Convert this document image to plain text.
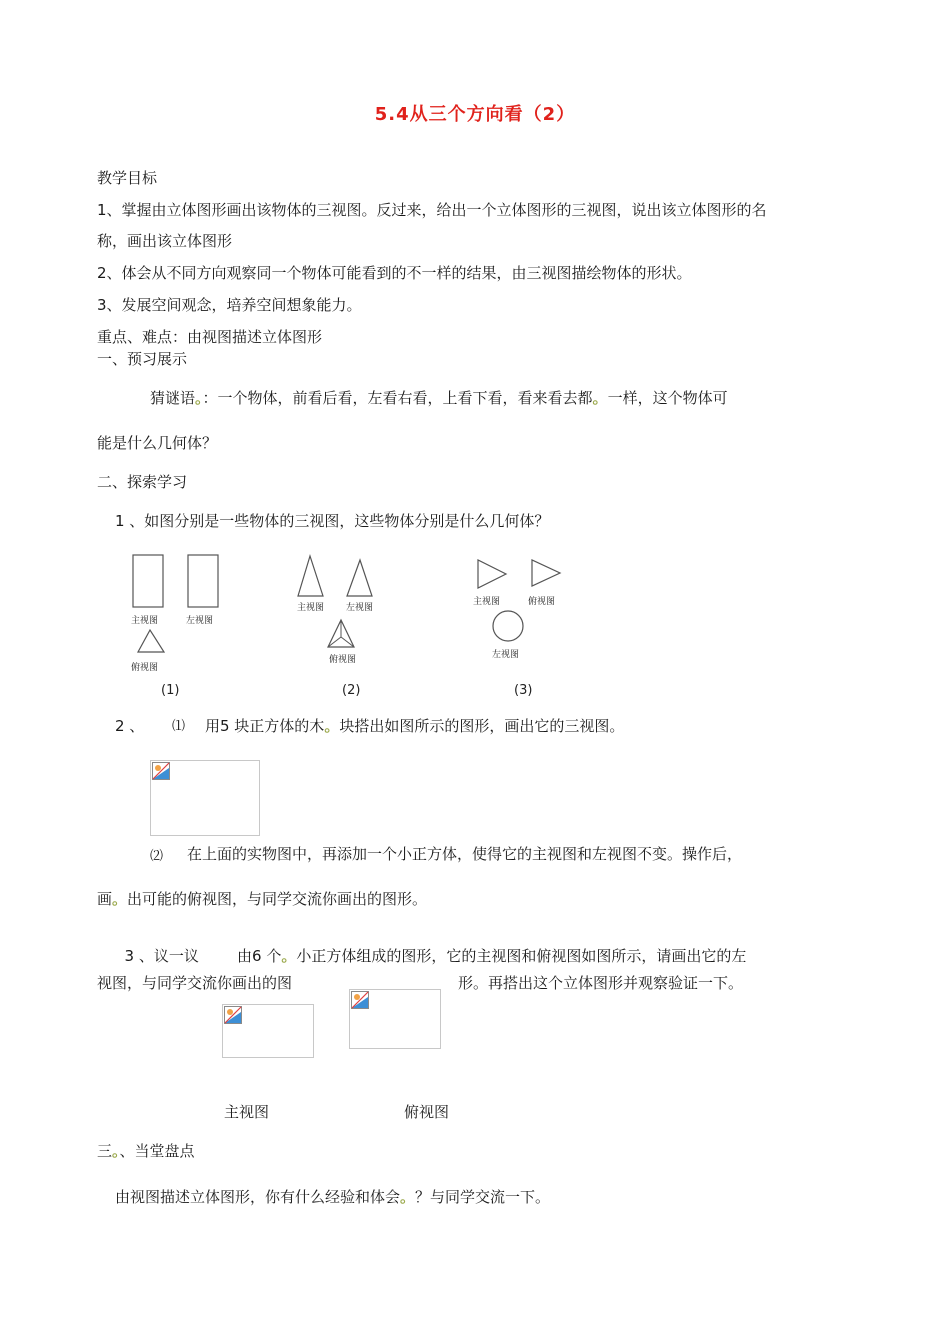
5.4从三个方向看（2）
教学目标
1、掌握由立体图形画出该物体的三视图。反过来，给出一个立体图形的三视图，说出该立体图形的名
称，画出该立体图形
2、体会从不同方向观察同一个物体可能看到的不一样的结果，由三视图描绘物体的形状。
3、发展空间观念，培养空间想象能力。
重点、难点：由视图描述立体图形
一、预习展示
猜谜语。：一个物体，前看后看，左看右看，上看下看，看来看去都。一样，这个物体可
能是什么几何体？
二、探索学习
1 、如图分别是一些物体的三视图，这些物体分别是什么几何体？
主视图	左视图
俯视图
(1)
主视图 左视图
俯视图
(2)
主视图	俯视图
左视图
(3)
2 、 ⑴ 用5 块正方体的木。块搭出如图所示的图形，画出它的三视图。
⑵ 在上面的实物图中，再添加一个小正方体，使得它的主视图和左视图不变。操作后，
画。出可能的俯视图，与同学交流你画出的图形。

3 、议一议        由6 个。小正方体组成的图形，它的主视图和俯视图如图所示，请画出它的左

视图，与同学交流你画出的图	形。再搭出这个立体图形并观察验证一下。
主视图	俯视图
三。、当堂盘点
由视图描述立体图形，你有什么经验和体会。？与同学交流一下。
